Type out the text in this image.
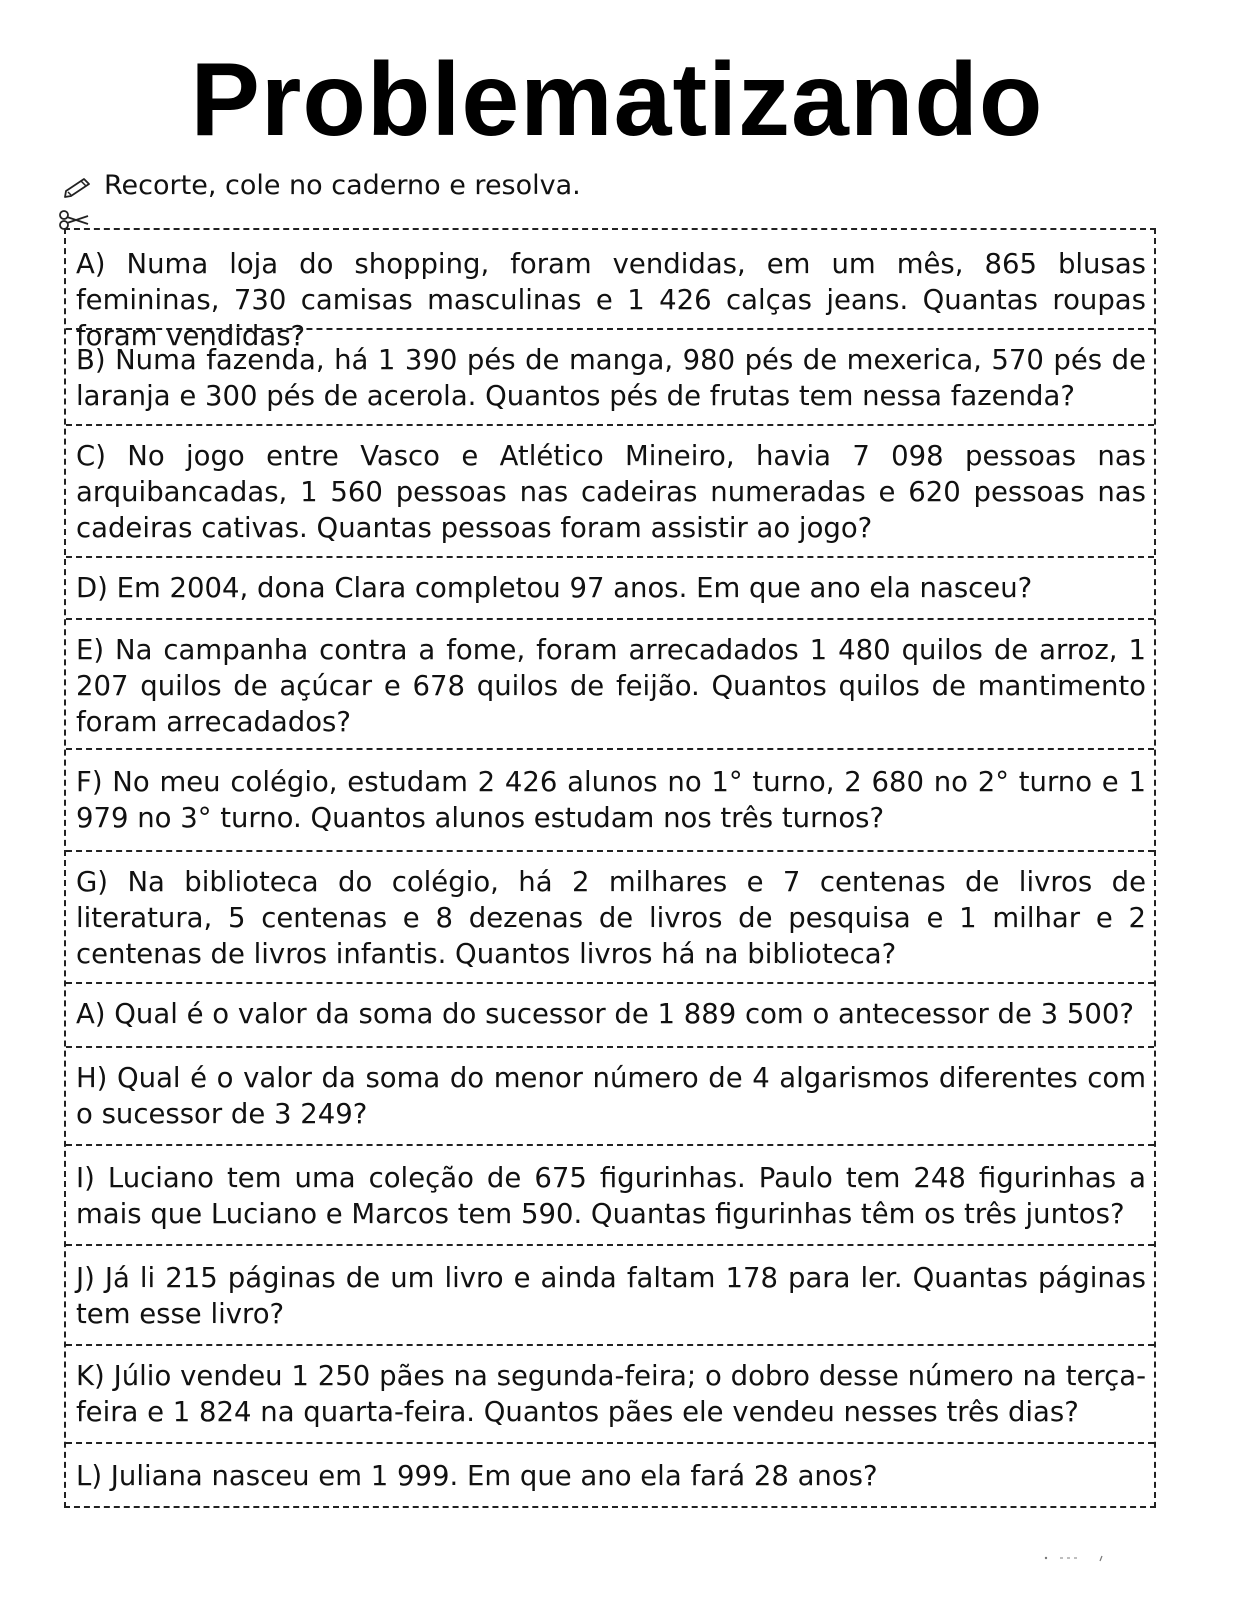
Problematizando
Recorte, cole no caderno e resolva.
A) Numa loja do shopping, foram vendidas, em um mês, 865 blusas femininas, 730 camisas masculinas e 1 426 calças jeans. Quantas roupas foram vendidas?
B) Numa fazenda, há 1 390 pés de manga, 980 pés de mexerica, 570 pés de laranja e 300 pés de acerola. Quantos pés de frutas tem nessa fazenda?
C) No jogo entre Vasco e Atlético Mineiro, havia 7 098 pessoas nas arquibancadas, 1 560 pessoas nas cadeiras numeradas e 620 pessoas nas cadeiras cativas. Quantas pessoas foram assistir ao jogo?
D) Em 2004, dona Clara completou 97 anos. Em que ano ela nasceu?
E) Na campanha contra a fome, foram arrecadados 1 480 quilos de arroz, 1 207 quilos de açúcar e 678 quilos de feijão. Quantos quilos de mantimento foram arrecadados?
F) No meu colégio, estudam 2 426 alunos no 1° turno, 2 680 no 2° turno e 1 979 no 3° turno. Quantos alunos estudam nos três turnos?
G) Na biblioteca do colégio, há 2 milhares e 7 centenas de livros de literatura, 5 centenas e 8 dezenas de livros de pesquisa e 1 milhar e 2 centenas de livros infantis. Quantos livros há na biblioteca?
A) Qual é o valor da soma do sucessor de 1 889 com o antecessor de 3 500?
H) Qual é o valor da soma do menor número de 4 algarismos diferentes com o sucessor de 3 249?
I) Luciano tem uma coleção de 675 figurinhas. Paulo tem 248 figurinhas a mais que Luciano e Marcos tem 590. Quantas figurinhas têm os três juntos?
J) Já li 215 páginas de um livro e ainda faltam 178 para ler. Quantas páginas tem esse livro?
K) Júlio vendeu 1 250 pães na segunda-feira; o dobro desse número na terça-feira e 1 824 na quarta-feira. Quantos pães ele vendeu nesses três dias?
L) Juliana nasceu em 1 999. Em que ano ela fará 28 anos?
